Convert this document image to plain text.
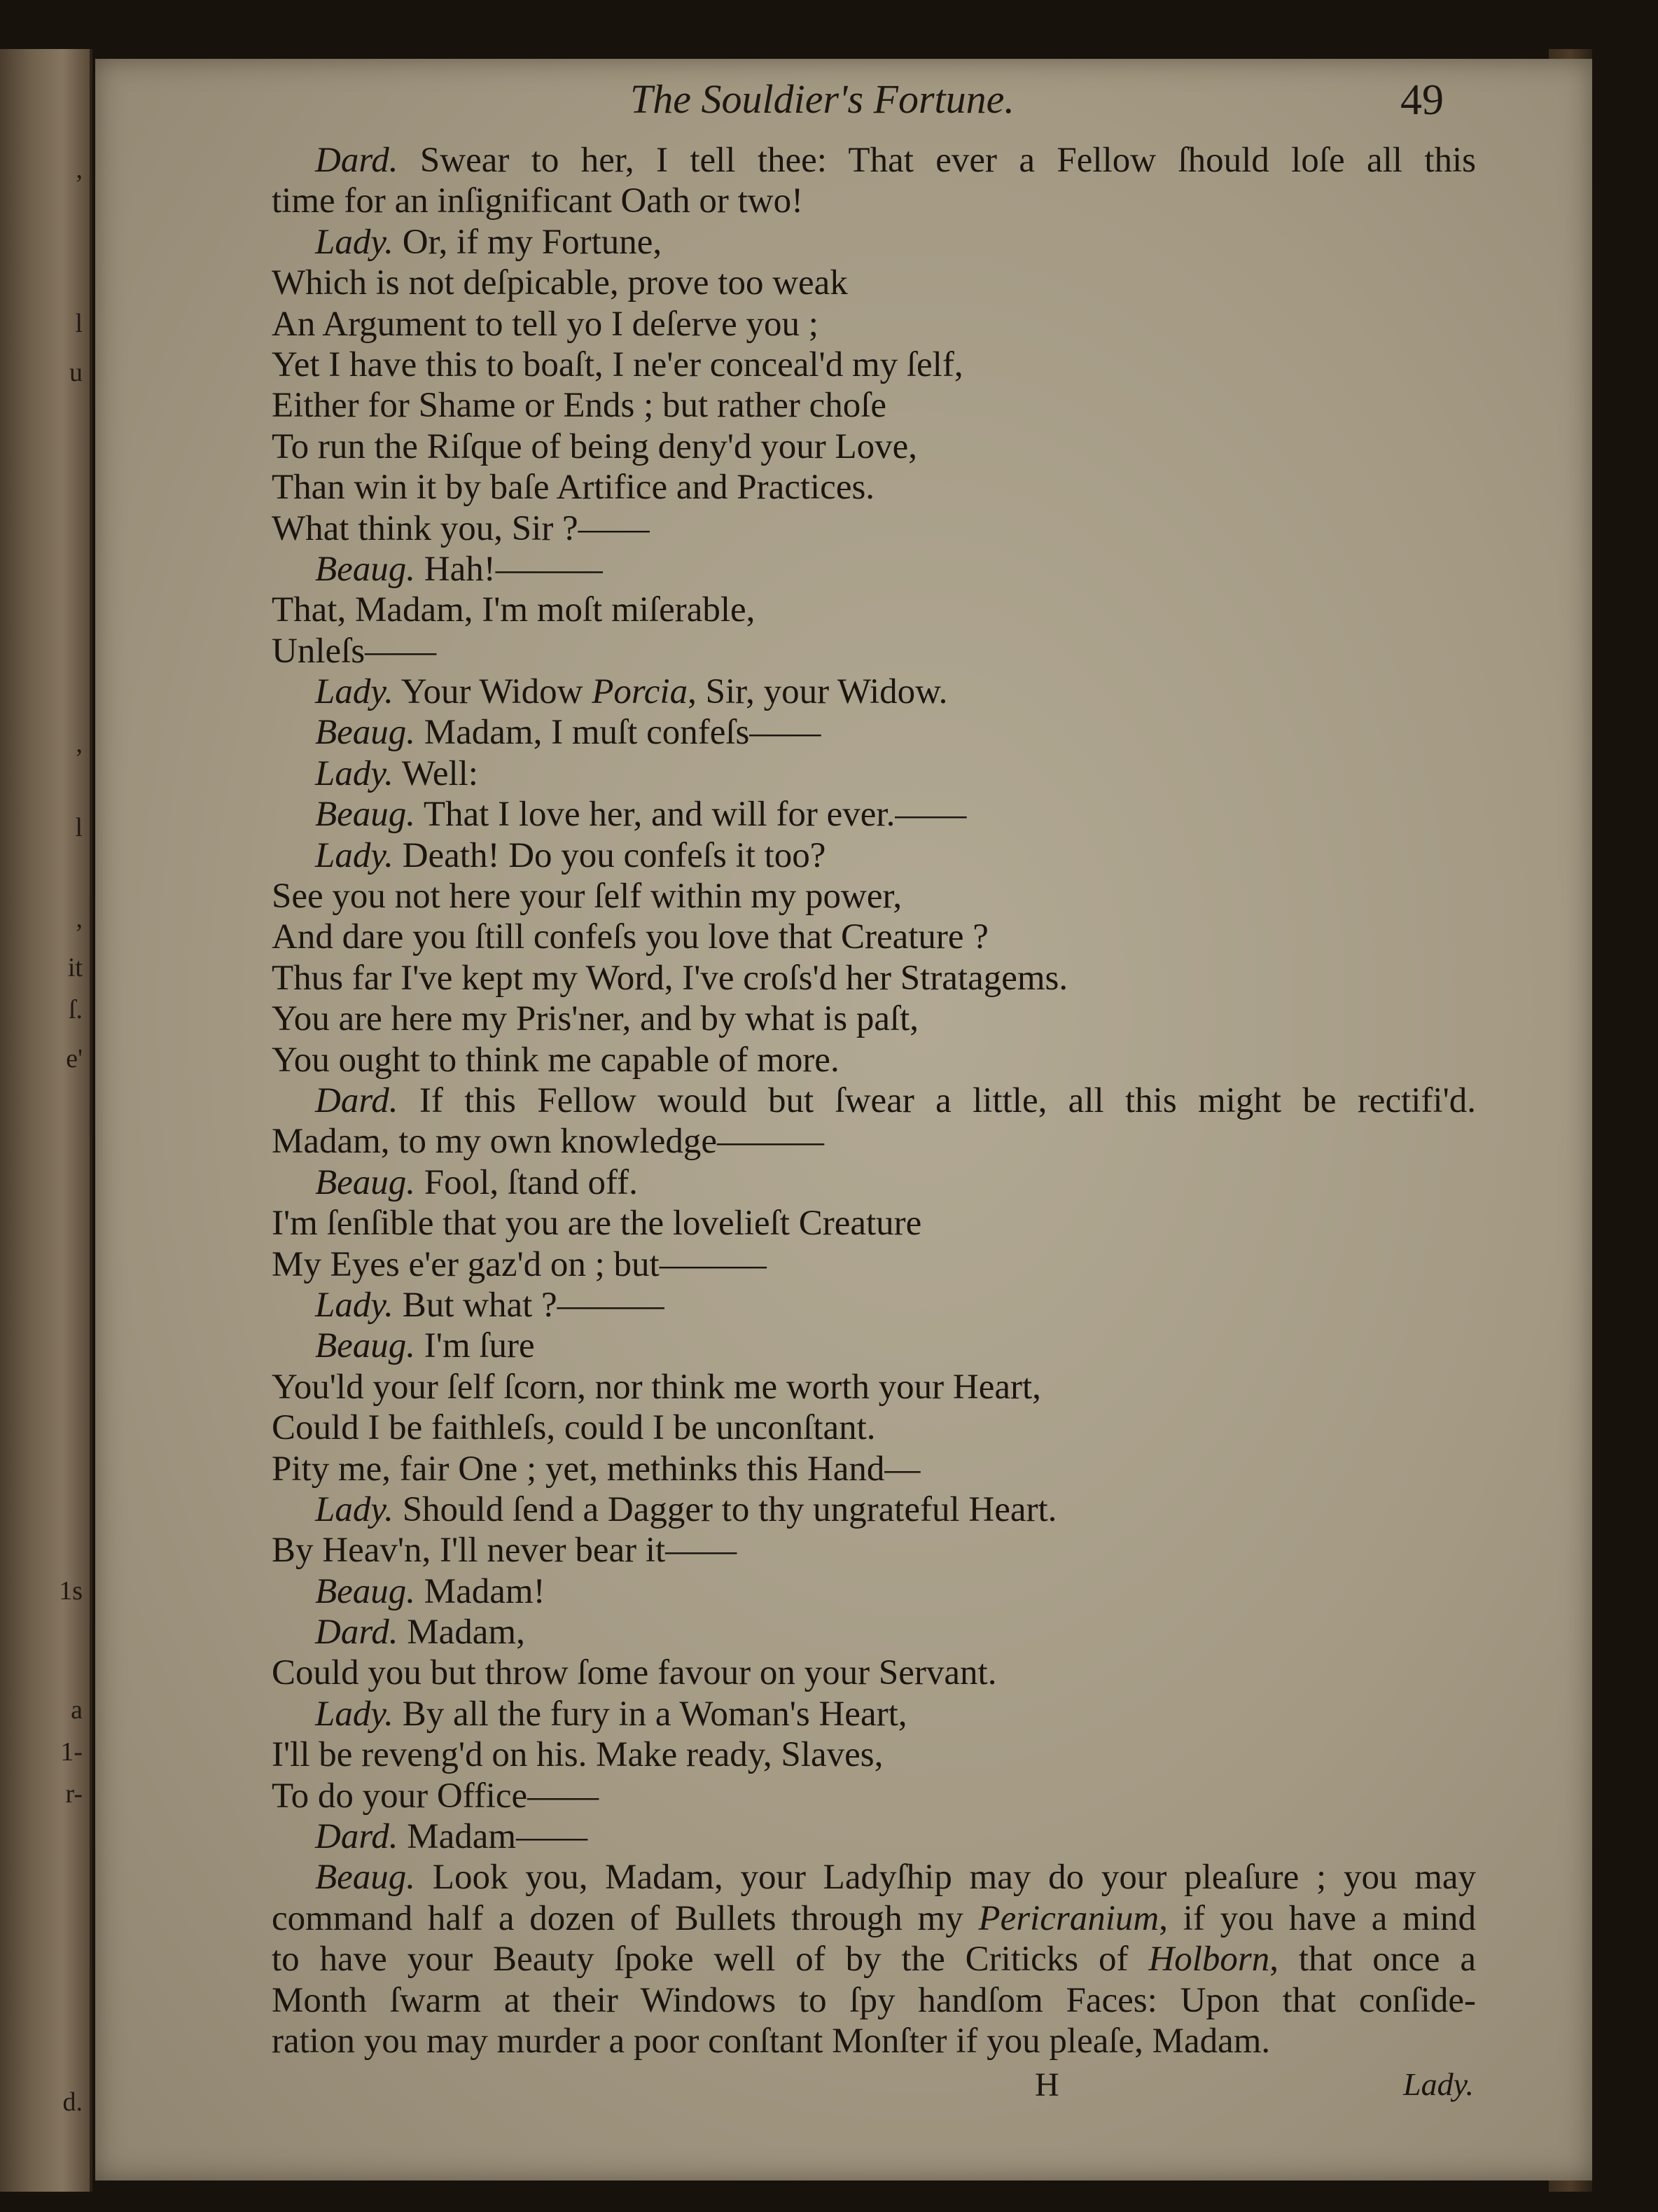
,
l
u
,
l
,
it
ſ.
e'
1s
a
1-
r-
d.
The Souldier's Fortune.	49
Dard. Swear to her, I tell thee: That ever a Fellow ſhould loſe all this
time for an inſignificant Oath or two!
Lady. Or, if my Fortune,
Which is not deſpicable, prove too weak
An Argument to tell yo I deſerve you ;
Yet I have this to boaſt, I ne'er conceal'd my ſelf,
Either for Shame or Ends ; but rather choſe
To run the Riſque of being deny'd your Love,
Than win it by baſe Artifice and Practices.
What think you, Sir ?——
Beaug. Hah!———
That, Madam, I'm moſt miſerable,
Unleſs——
Lady. Your Widow Porcia, Sir, your Widow.
Beaug. Madam, I muſt confeſs——
Lady. Well:
Beaug. That I love her, and will for ever.——
Lady. Death! Do you confeſs it too?
See you not here your ſelf within my power,
And dare you ſtill confeſs you love that Creature ?
Thus far I've kept my Word, I've croſs'd her Stratagems.
You are here my Pris'ner, and by what is paſt,
You ought to think me capable of more.
Dard. If this Fellow would but ſwear a little, all this might be rectifi'd.
Madam, to my own knowledge———
Beaug. Fool, ſtand off.
I'm ſenſible that you are the lovelieſt Creature
My Eyes e'er gaz'd on ; but———
Lady. But what ?———
Beaug. I'm ſure
You'ld your ſelf ſcorn, nor think me worth your Heart,
Could I be faithleſs, could I be unconſtant.
Pity me, fair One ; yet, methinks this Hand—
Lady. Should ſend a Dagger to thy ungrateful Heart.
By Heav'n, I'll never bear it——
Beaug. Madam!
Dard. Madam,
Could you but throw ſome favour on your Servant.
Lady. By all the fury in a Woman's Heart,
I'll be reveng'd on his. Make ready, Slaves,
To do your Office——
Dard. Madam——
Beaug. Look you, Madam, your Ladyſhip may do your pleaſure ; you may
command half a dozen of Bullets through my Pericranium, if you have a mind
to have your Beauty ſpoke well of by the Criticks of Holborn, that once a
Month ſwarm at their Windows to ſpy handſom Faces: Upon that conſide-
ration you may murder a poor conſtant Monſter if you pleaſe, Madam.
H	Lady.
